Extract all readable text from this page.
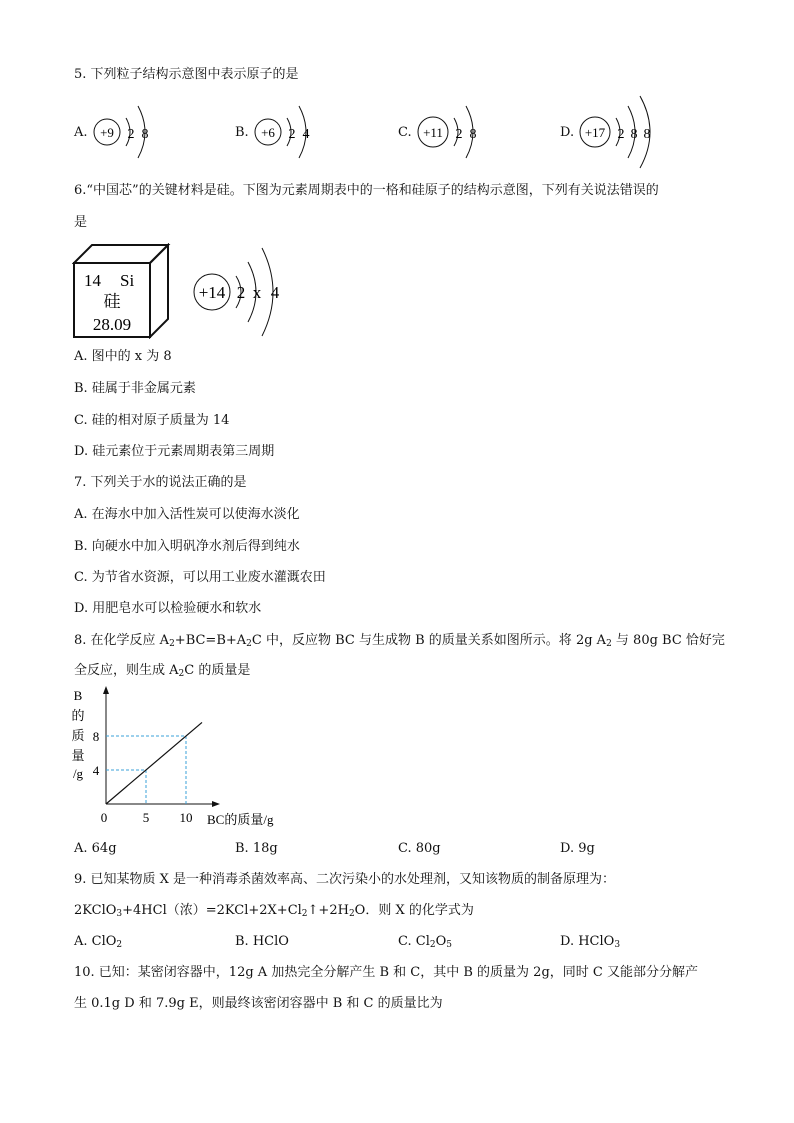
5. 下列粒子结构示意图中表示原子的是
A. +9 2 8	B. +6 2 4	C. +11 2 8	D. +17 2 8 8
6.“中国芯”的关键材料是硅。下图为元素周期表中的一格和硅原子的结构示意图，下列有关说法错误的
是
14 Si
硅
28.09
+14 2 x 4
A. 图中的 x 为 8
B. 硅属于非金属元素
C. 硅的相对原子质量为 14
D. 硅元素位于元素周期表第三周期
7. 下列关于水的说法正确的是
A. 在海水中加入活性炭可以使海水淡化
B. 向硬水中加入明矾净水剂后得到纯水
C. 为节省水资源，可以用工业废水灌溉农田
D. 用肥皂水可以检验硬水和软水
8. 在化学反应 $A_2+BC=B+A_2C$ 中，反应物 BC 与生成物 B 的质量关系如图所示。将 2g $A_2$ 与 80g BC 恰好完
全反应，则生成 $A_2C$ 的质量是
B
的
质
量
/g
0	5 10
4
8
BC的质量/g
A. 64g	B. 18g	C. 80g	D. 9g
9. 已知某物质 X 是一种消毒杀菌效率高、二次污染小的水处理剂，又知该物质的制备原理为：
2KClO$_3$+4HCl（浓）$=2KCl+2X+Cl_2↑+2H_2O$．则 X 的化学式为
A. ClO$_2$	B. HClO	C. $Cl_2O_5$	D. HClO$_3$
10. 已知：某密闭容器中，12g A 加热完全分解产生 B 和 C，其中 B 的质量为 2g，同时 C 又能部分分解产
生 0.1g D 和 7.9g E，则最终该密闭容器中 B 和 C 的质量比为
